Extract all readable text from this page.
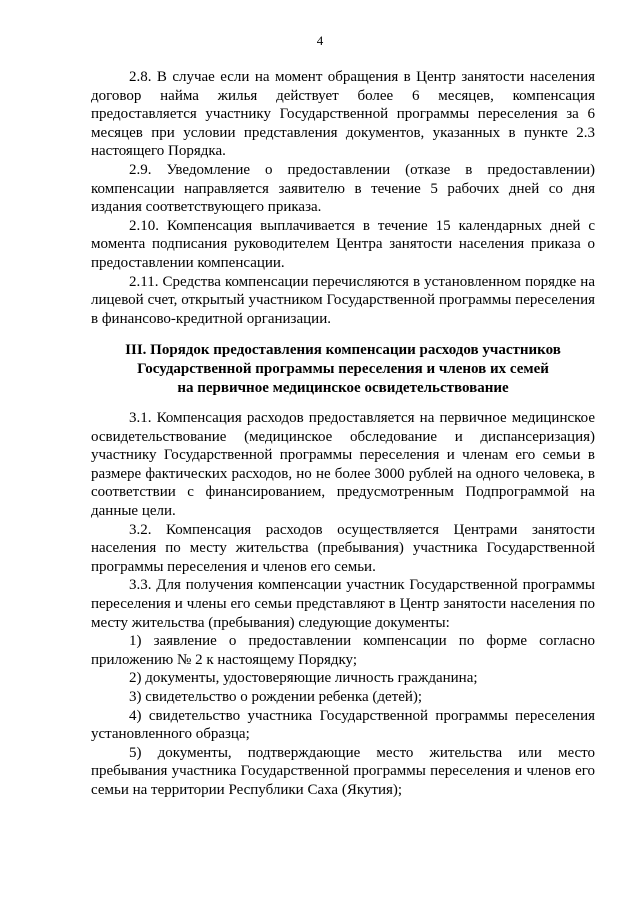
4

2.8. В случае если на момент обращения в Центр занятости населения договор найма жилья действует более 6 месяцев, компенсация предоставляется участнику Государственной программы переселения за 6 месяцев при условии представления документов, указанных в пункте 2.3 настоящего Порядка.

2.9. Уведомление о предоставлении (отказе в предоставлении) компенсации направляется заявителю в течение 5 рабочих дней со дня издания соответствующего приказа.

2.10. Компенсация выплачивается в течение 15 календарных дней с момента подписания руководителем Центра занятости населения приказа о предоставлении компенсации.

2.11. Средства компенсации перечисляются в установленном порядке на лицевой счет, открытый участником Государственной программы переселения в финансово-кредитной организации.

III. Порядок предоставления компенсации расходов участников
Государственной программы переселения и членов их семей
на первичное медицинское освидетельствование

3.1. Компенсация расходов предоставляется на первичное медицинское освидетельствование (медицинское обследование и диспансеризация) участнику Государственной программы переселения и членам его семьи в размере фактических расходов, но не более 3000 рублей на одного человека, в соответствии с финансированием, предусмотренным Подпрограммой на данные цели.

3.2. Компенсация расходов осуществляется Центрами занятости населения по месту жительства (пребывания) участника Государственной программы переселения и членов его семьи.

3.3. Для получения компенсации участник Государственной программы переселения и члены его семьи представляют в Центр занятости населения по месту жительства (пребывания) следующие документы:

1) заявление о предоставлении компенсации по форме согласно приложению № 2 к настоящему Порядку;

2) документы, удостоверяющие личность гражданина;

3) свидетельство о рождении ребенка (детей);

4) свидетельство участника Государственной программы переселения установленного образца;

5) документы, подтверждающие место жительства или место пребывания участника Государственной программы переселения и членов его семьи на территории Республики Саха (Якутия);
